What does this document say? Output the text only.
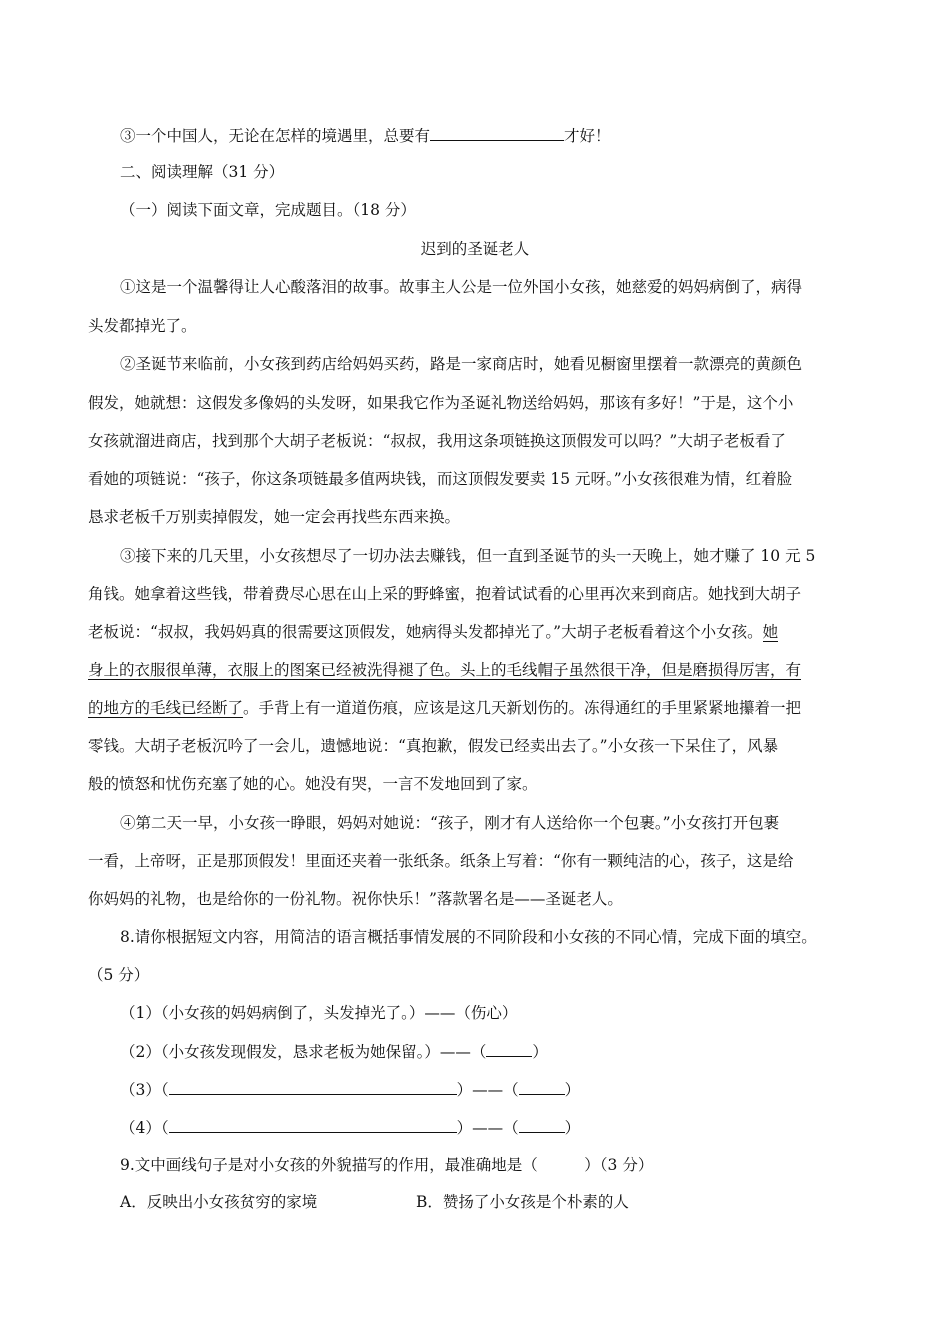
③一个中国人，无论在怎样的境遇里，总要有	才好！
二、阅读理解（31 分）
（一）阅读下面文章，完成题目。（18 分）
迟到的圣诞老人
①这是一个温馨得让人心酸落泪的故事。故事主人公是一位外国小女孩，她慈爱的妈妈病倒了，病得
头发都掉光了。
②圣诞节来临前，小女孩到药店给妈妈买药，路是一家商店时，她看见橱窗里摆着一款漂亮的黄颜色
假发，她就想：这假发多像妈的头发呀，如果我它作为圣诞礼物送给妈妈，那该有多好！”于是，这个小
女孩就溜进商店，找到那个大胡子老板说：“叔叔，我用这条项链换这顶假发可以吗？”大胡子老板看了
看她的项链说：“孩子，你这条项链最多值两块钱，而这顶假发要卖 15 元呀。”小女孩很难为情，红着脸
恳求老板千万别卖掉假发，她一定会再找些东西来换。
③接下来的几天里，小女孩想尽了一切办法去赚钱，但一直到圣诞节的头一天晚上，她才赚了 10 元 5
角钱。她拿着这些钱，带着费尽心思在山上采的野蜂蜜，抱着试试看的心里再次来到商店。她找到大胡子
老板说：“叔叔，我妈妈真的很需要这顶假发，她病得头发都掉光了。”大胡子老板看着这个小女孩。她
身上的衣服很单薄，衣服上的图案已经被洗得褪了色。头上的毛线帽子虽然很干净，但是磨损得厉害，有
的地方的毛线已经断了。手背上有一道道伤痕，应该是这几天新划伤的。冻得通红的手里紧紧地攥着一把
零钱。大胡子老板沉吟了一会儿，遗憾地说：“真抱歉，假发已经卖出去了。”小女孩一下呆住了，风暴
般的愤怒和忧伤充塞了她的心。她没有哭，一言不发地回到了家。
④第二天一早，小女孩一睁眼，妈妈对她说：“孩子，刚才有人送给你一个包裹。”小女孩打开包裹
一看，上帝呀，正是那顶假发！里面还夹着一张纸条。纸条上写着：“你有一颗纯洁的心，孩子，这是给
你妈妈的礼物，也是给你的一份礼物。祝你快乐！”落款署名是——圣诞老人。
8.请你根据短文内容，用简洁的语言概括事情发展的不同阶段和小女孩的不同心情，完成下面的填空。
（5 分）
（1）（小女孩的妈妈病倒了，头发掉光了。）——（伤心）
（2）（小女孩发现假发，恳求老板为她保留。）——（	）
（3）（	）——（	）
（4）（	）——（	）
9.文中画线句子是对小女孩的外貌描写的作用，最准确地是（　　　）（3 分）
A．反映出小女孩贫穷的家境	B．赞扬了小女孩是个朴素的人
